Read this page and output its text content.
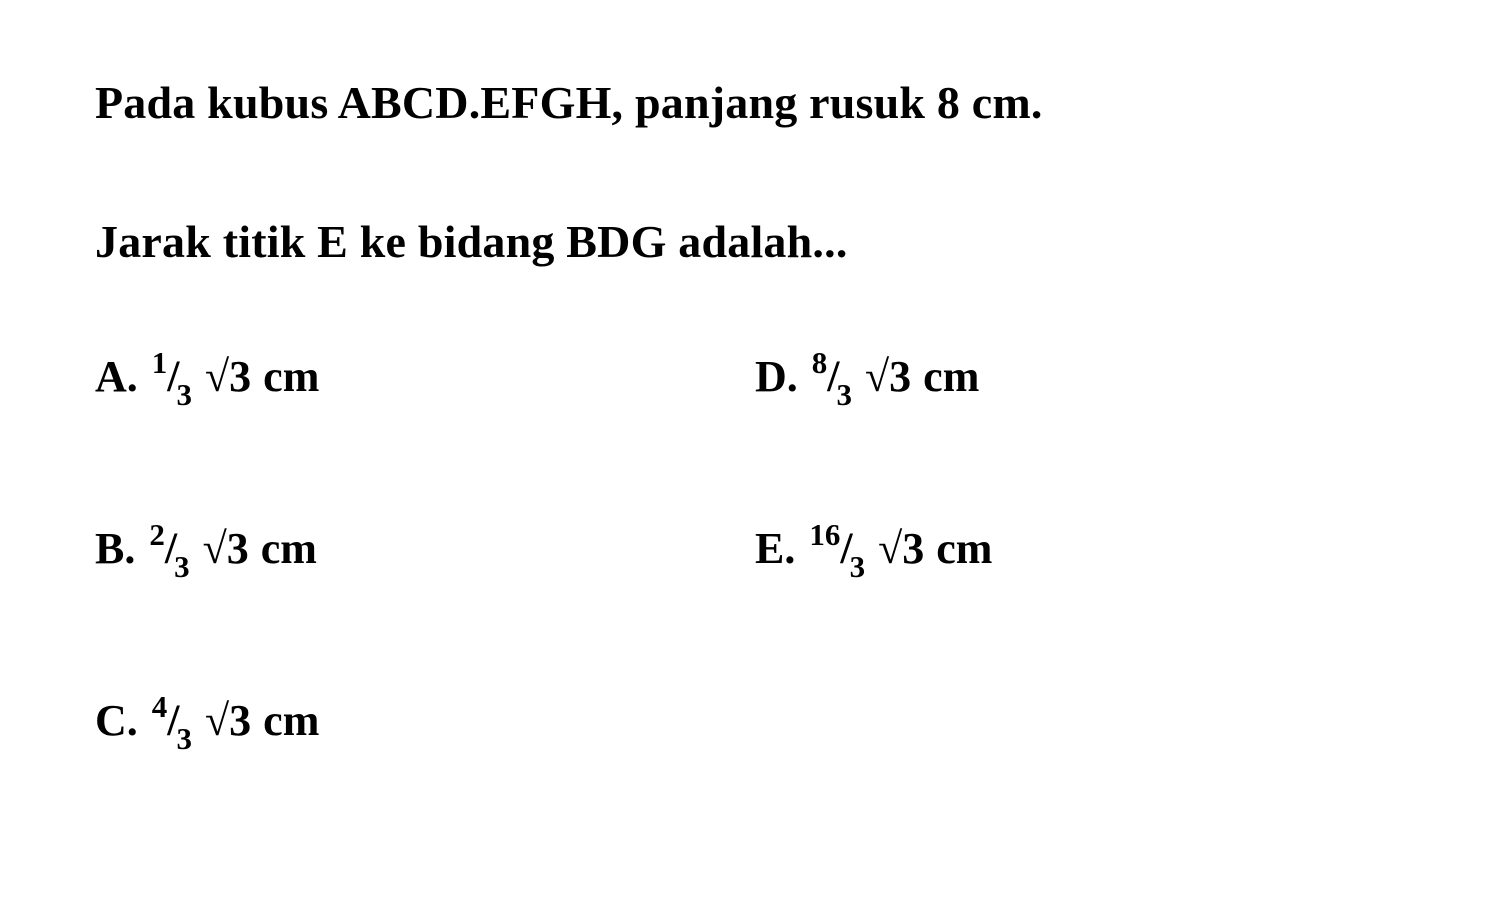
Pada kubus ABCD.EFGH, panjang rusuk 8 cm.
Jarak titik E ke bidang BDG adalah...
A. $^1/_3$ √3 cm	D. $^8/_3$ √3 cm
B. $^2/_3$ √3 cm	E. $^{16}/_3$ √3 cm
C. $^4/_3$ √3 cm
